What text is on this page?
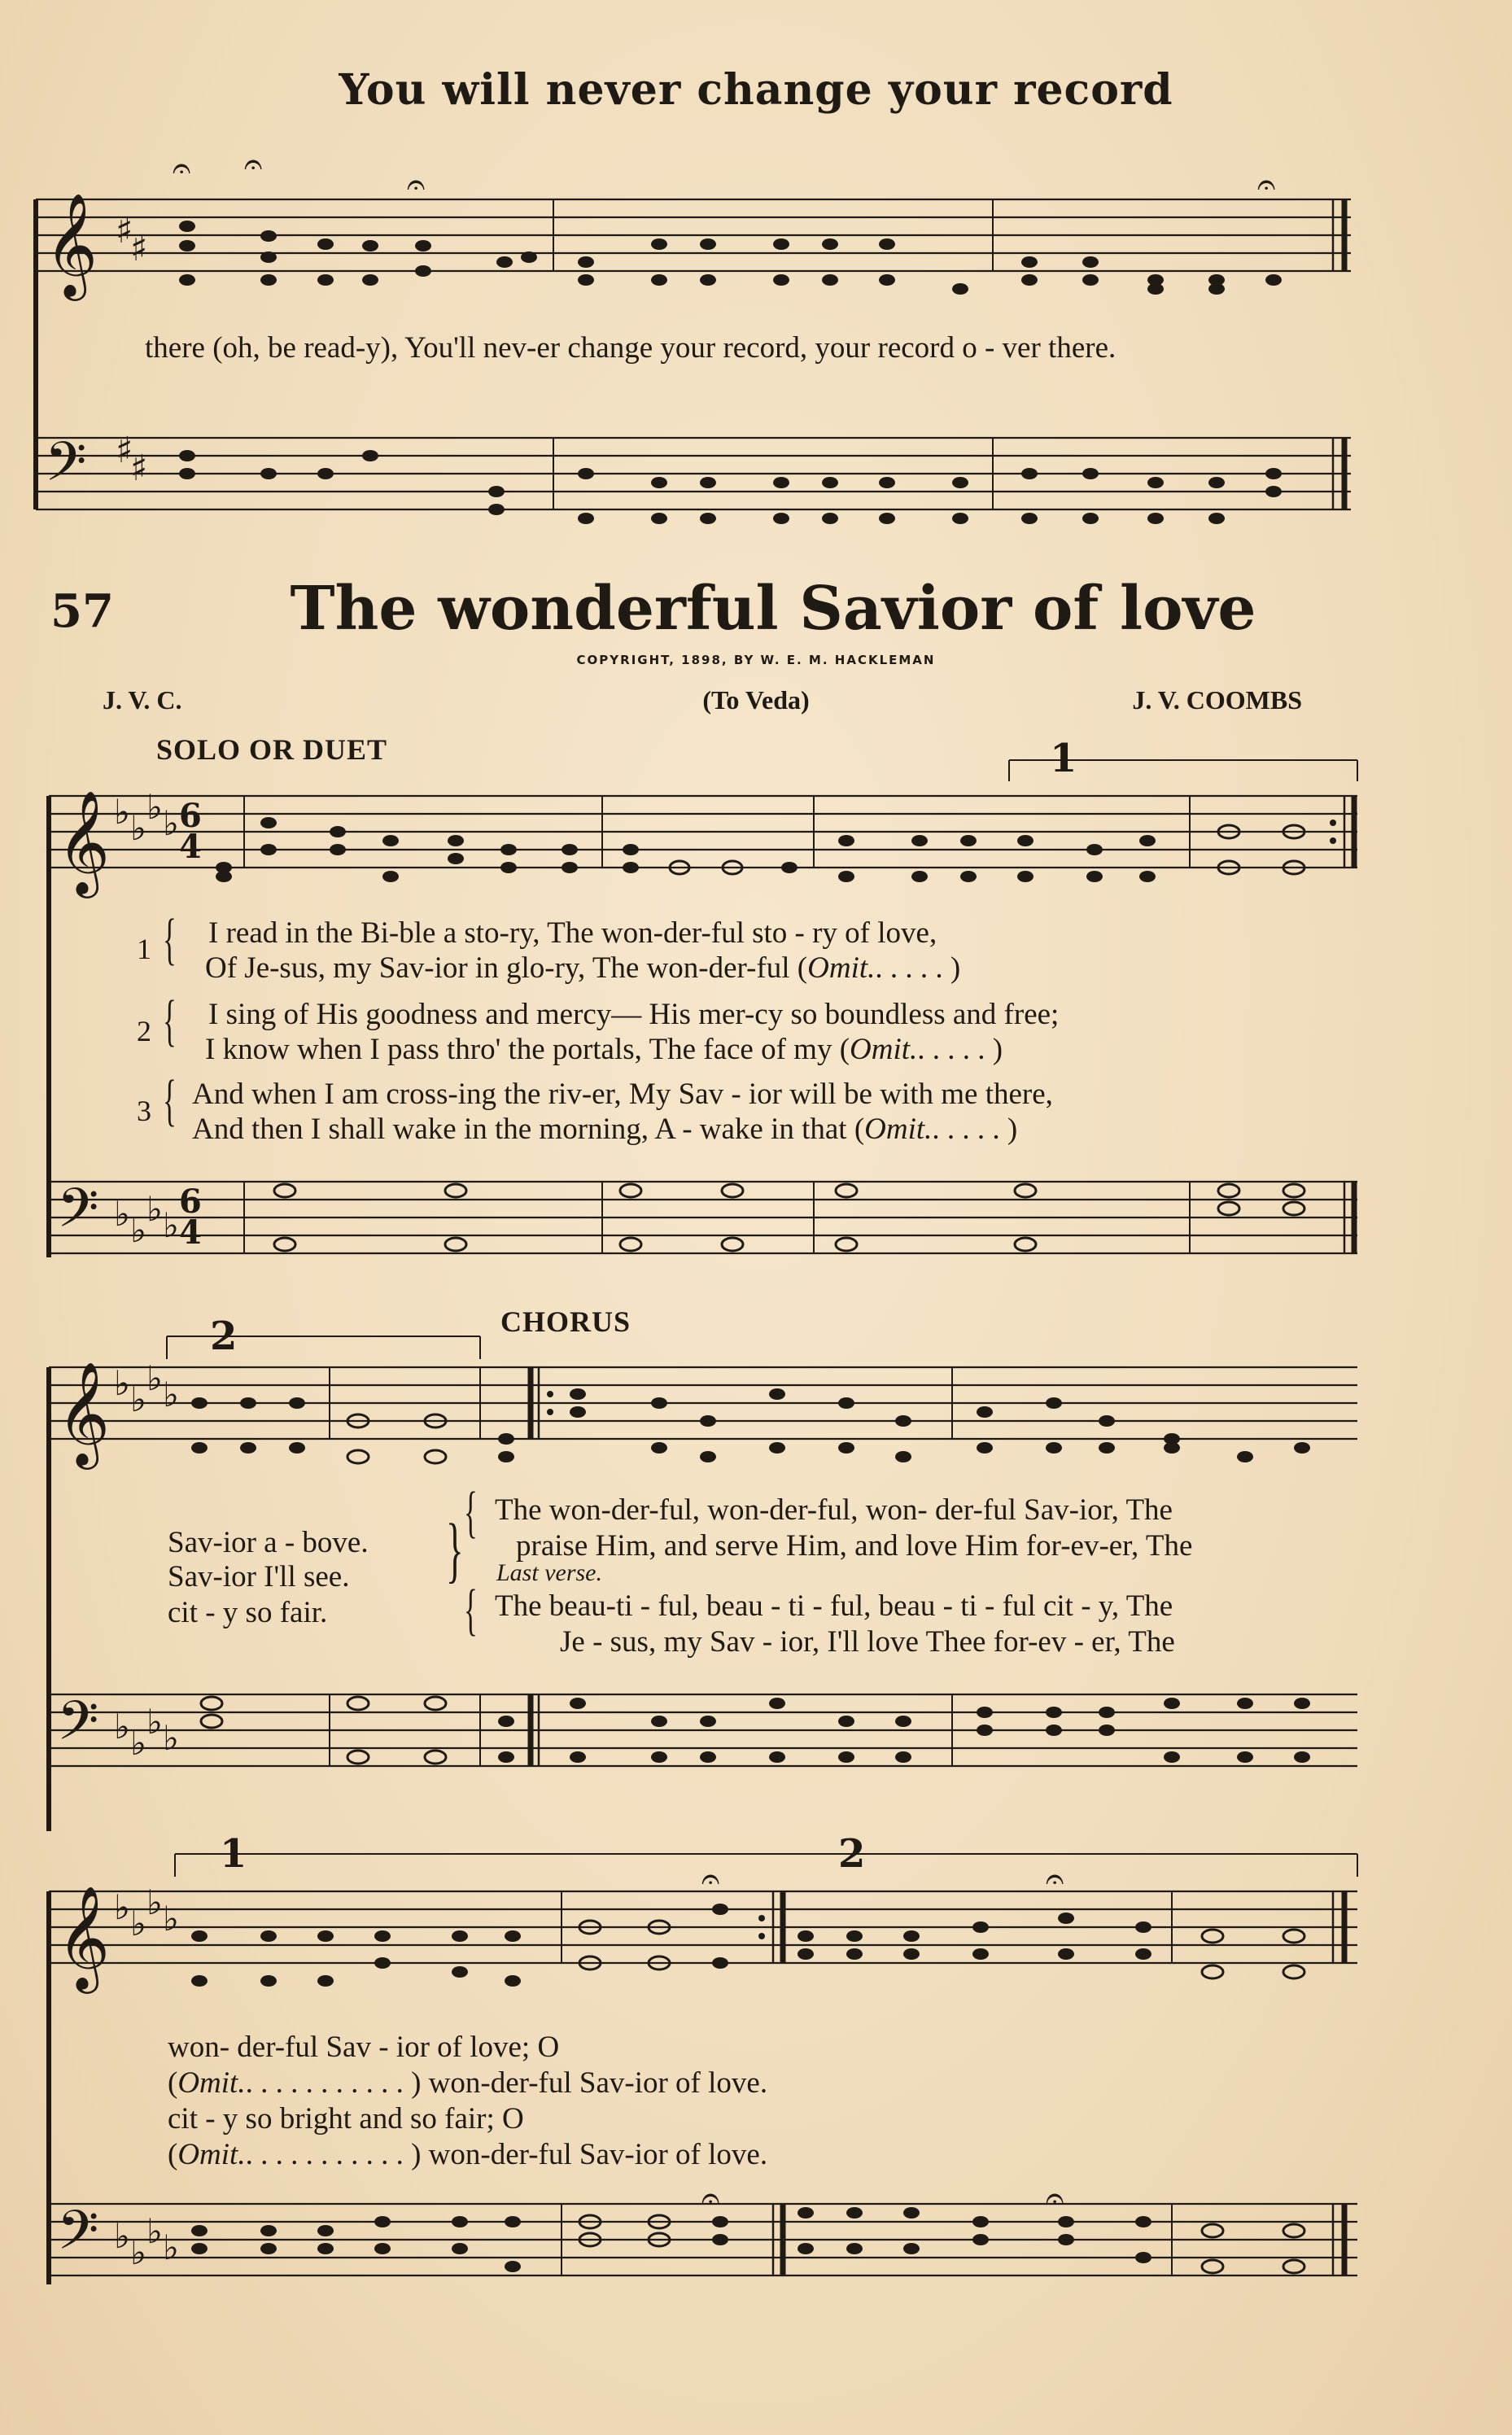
You will never change your record
𝄞 ♯
♯
𝄐 𝄐
𝄐	𝄐
there (oh, be read-y), You'll nev-er change your record, your record o - ver there.
𝄢 ♯
♯
57	The wonderful Savior of love
COPYRIGHT, 1898, BY W. E. M. HACKLEMAN
J. V. C.	(To Veda)	J. V. COOMBS
SOLO OR DUET
𝄞 ♭ ♭
♭ ♭ 6
4
1
1 { I read in the Bi-ble a sto-ry, The won-der-ful sto - ry of love,
Of Je-sus, my Sav-ior in glo-ry, The won-der-ful (Omit.. . . . . )
2 { I sing of His goodness and mercy— His mer-cy so boundless and free;
I know when I pass thro' the portals, The face of my (Omit.. . . . . )
3 { And when I am cross-ing the riv-er, My Sav - ior will be with me there,
And then I shall wake in the morning, A - wake in that (Omit.. . . . . )
𝄢 ♭ ♭
♭ ♭
6
4
CHORUS
2
𝄞 ♭ ♭
♭ ♭
Sav-ior a - bove.
Sav-ior I'll see.
cit - y so fair.
} { The won-der-ful, won-der-ful, won- der-ful Sav-ior, The
praise Him, and serve Him, and love Him for-ev-er, The
Last verse.
{ The beau-ti - ful, beau - ti - ful, beau - ti - ful cit - y, The
Je - sus, my Sav - ior, I'll love Thee for-ev - er, The
𝄢 ♭ ♭
♭ ♭
1	2
𝄞 ♭ ♭
♭ ♭
𝄐	𝄐
won- der-ful Sav - ior of love; O
(Omit.. . . . . . . . . . . ) won-der-ful Sav-ior of love.
cit - y so bright and so fair; O
(Omit.. . . . . . . . . . . ) won-der-ful Sav-ior of love.
𝄢 ♭ ♭
♭ ♭
𝄐	𝄐
